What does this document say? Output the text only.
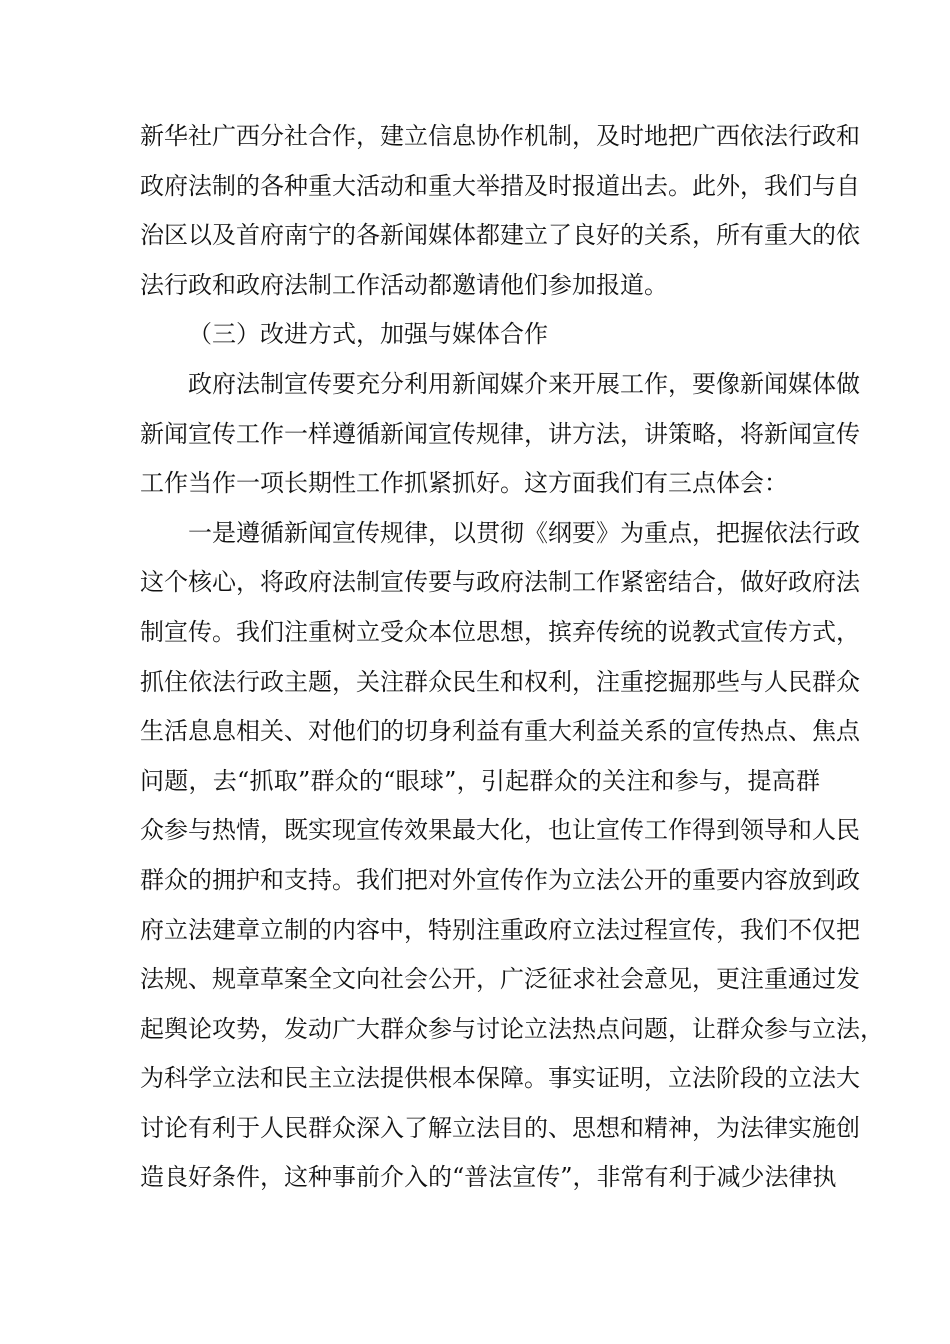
新华社广西分社合作，建立信息协作机制，及时地把广西依法行政和
政府法制的各种重大活动和重大举措及时报道出去。此外，我们与自
治区以及首府南宁的各新闻媒体都建立了良好的关系，所有重大的依
法行政和政府法制工作活动都邀请他们参加报道。
（三）改进方式，加强与媒体合作
政府法制宣传要充分利用新闻媒介来开展工作，要像新闻媒体做
新闻宣传工作一样遵循新闻宣传规律，讲方法，讲策略，将新闻宣传
工作当作一项长期性工作抓紧抓好。这方面我们有三点体会：
一是遵循新闻宣传规律，以贯彻《纲要》为重点，把握依法行政
这个核心，将政府法制宣传要与政府法制工作紧密结合，做好政府法
制宣传。我们注重树立受众本位思想，摈弃传统的说教式宣传方式，
抓住依法行政主题，关注群众民生和权利，注重挖掘那些与人民群众
生活息息相关、对他们的切身利益有重大利益关系的宣传热点、焦点
问题，去“抓取”群众的“眼球”，引起群众的关注和参与，提高群
众参与热情，既实现宣传效果最大化，也让宣传工作得到领导和人民
群众的拥护和支持。我们把对外宣传作为立法公开的重要内容放到政
府立法建章立制的内容中，特别注重政府立法过程宣传，我们不仅把
法规、规章草案全文向社会公开，广泛征求社会意见，更注重通过发
起舆论攻势，发动广大群众参与讨论立法热点问题，让群众参与立法，
为科学立法和民主立法提供根本保障。事实证明，立法阶段的立法大
讨论有利于人民群众深入了解立法目的、思想和精神，为法律实施创
造良好条件，这种事前介入的“普法宣传”，非常有利于减少法律执
